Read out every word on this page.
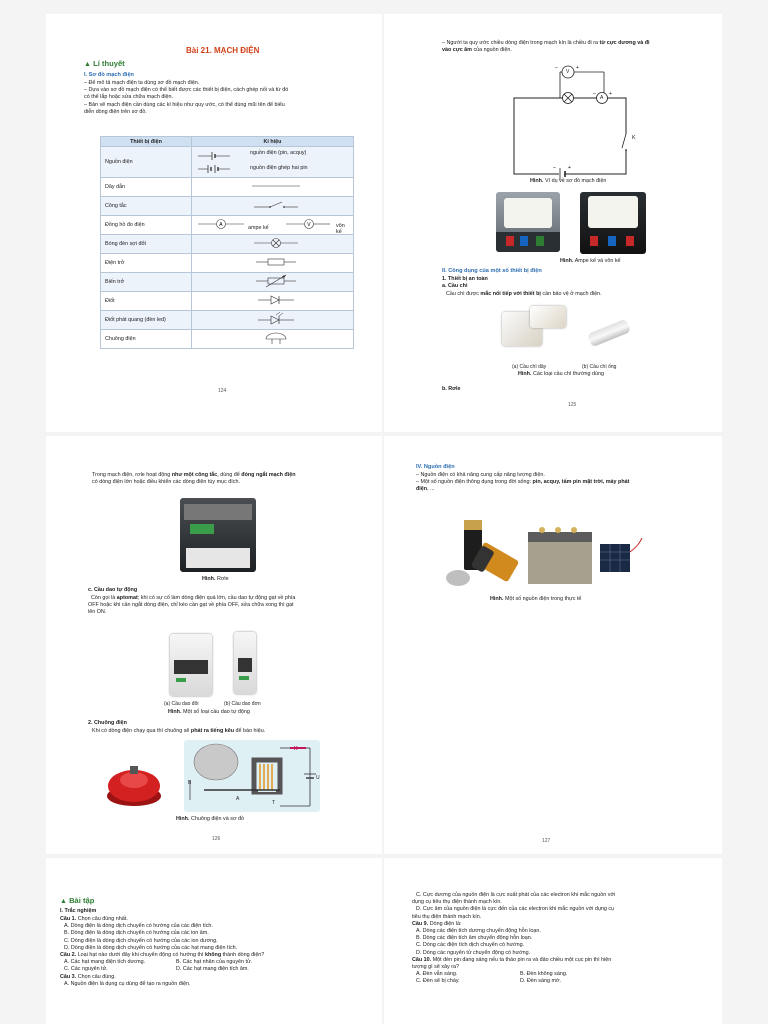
Bài 21. MẠCH ĐIỆN
▲ Lí thuyết
I. Sơ đồ mạch điện
– Để mô tả mạch điện ta dùng sơ đồ mạch điện.
– Dựa vào sơ đồ mạch điện có thể biết được các thiết bị điện, cách ghép nối và từ đó
có thể lắp hoặc sửa chữa mạch điện.
– Bản vẽ mạch điện cần dùng các kí hiệu như quy ước, có thể dùng mũi tên để biểu
diễn dòng điện trên sơ đồ.
Thiết bị điện	Kí hiệu
Nguồn điện	nguồn điện (pin, acquy)
nguồn điện ghép hai pin

Dây dẫn	
Công tắc	
Đồng hồ đo điện	A V
ampe kế vôn kế

Bóng đèn sợi đốt	
Điện trở	
Biến trở	
Điốt	
Điốt phát quang (đèn led)	
Chuông điện	
124
– Người ta quy ước chiều dòng điện trong mạch kín là chiều đi ra từ cực dương và đi
vào cực âm của nguồn điện.
–	+
–	+
– +
V
A
K
Hình. Ví dụ về sơ đồ mạch điện
Hình. Ampe kế và vôn kế
II. Công dụng của một số thiết bị điện
1. Thiết bị an toàn
a. Cầu chì
Cầu chì được mắc nối tiếp với thiết bị cần bảo vệ ở mạch điện.
(a) Cầu chì dây	(b) Cầu chì ống
Hình. Các loại cầu chì thường dùng
b. Rơle
125
Trong mạch điện, rơle hoạt động như một công tắc, dùng để đóng ngắt mạch điện
có dòng điện lớn hoặc điều khiển các dòng điện tùy mục đích.
Hình. Rơle
c. Cầu dao tự động
Còn gọi là aptomat; khi có sự cố làm dòng điện quá lớn, cầu dao tự động gạt về phía
OFF hoặc khi cần ngắt dòng điện, chỉ kéo cần gạt về phía OFF, sửa chữa xong thì gạt
lên ON.
(a) Cầu dao đôi	(b) Cầu dao đơn
Hình. Một số loại cầu dao tự động
2. Chuông điện
Khi có dòng điện chạy qua thì chuông sẽ phát ra tiếng kêu để báo hiệu.
K
U
B
A
T
Hình. Chuông điện và sơ đồ
126
IV. Nguồn điện
– Nguồn điện có khả năng cung cấp năng lượng điện.
– Một số nguồn điện thông dụng trong đời sống: pin, acquy, tấm pin mặt trời, máy phát
điện, ...
Hình. Một số nguồn điện trong thực tế
127
▲ Bài tập
I. Trắc nghiệm
Câu 1. Chọn câu đúng nhất.
A. Dòng điện là dòng dịch chuyển có hướng của các điện tích.
B. Dòng điện là dòng dịch chuyển có hướng của các ion âm.
C. Dòng điện là dòng dịch chuyển có hướng của các ion dương.
D. Dòng điện là dòng dịch chuyển có hướng của các hạt mang điện tích.
Câu 2. Loại hạt nào dưới đây khi chuyển động có hướng thì không thành dòng điện?
A. Các hạt mang điện tích dương.	B. Các hạt nhân của nguyên tử.
C. Các nguyên tử.	D. Các hạt mang điện tích âm.
Câu 3. Chọn câu đúng.
A. Nguồn điện là dụng cụ dùng để tạo ra nguồn điện.
C. Cực dương của nguồn điện là cực xuất phát của các electron khi mắc nguồn với
dụng cụ tiêu thụ điện thành mạch kín.
D. Cực âm của nguồn điện là cực đến của các electron khi mắc nguồn với dụng cụ
tiêu thụ điện thành mạch kín.
Câu 9. Dòng điện là:
A. Dòng các điện tích dương chuyển động hỗn loạn.
B. Dòng các điện tích âm chuyển động hỗn loạn.
C. Dòng các điện tích dịch chuyển có hướng.
D. Dòng các nguyên tử chuyển động có hướng.
Câu 10. Một đèn pin đang sáng nếu ta tháo pin ra và đảo chiều một cục pin thì hiện
tượng gì sẽ xảy ra?
A. Đèn vẫn sáng.	B. Đèn không sáng.
C. Đèn sẽ bị cháy.	D. Đèn sáng mờ.
